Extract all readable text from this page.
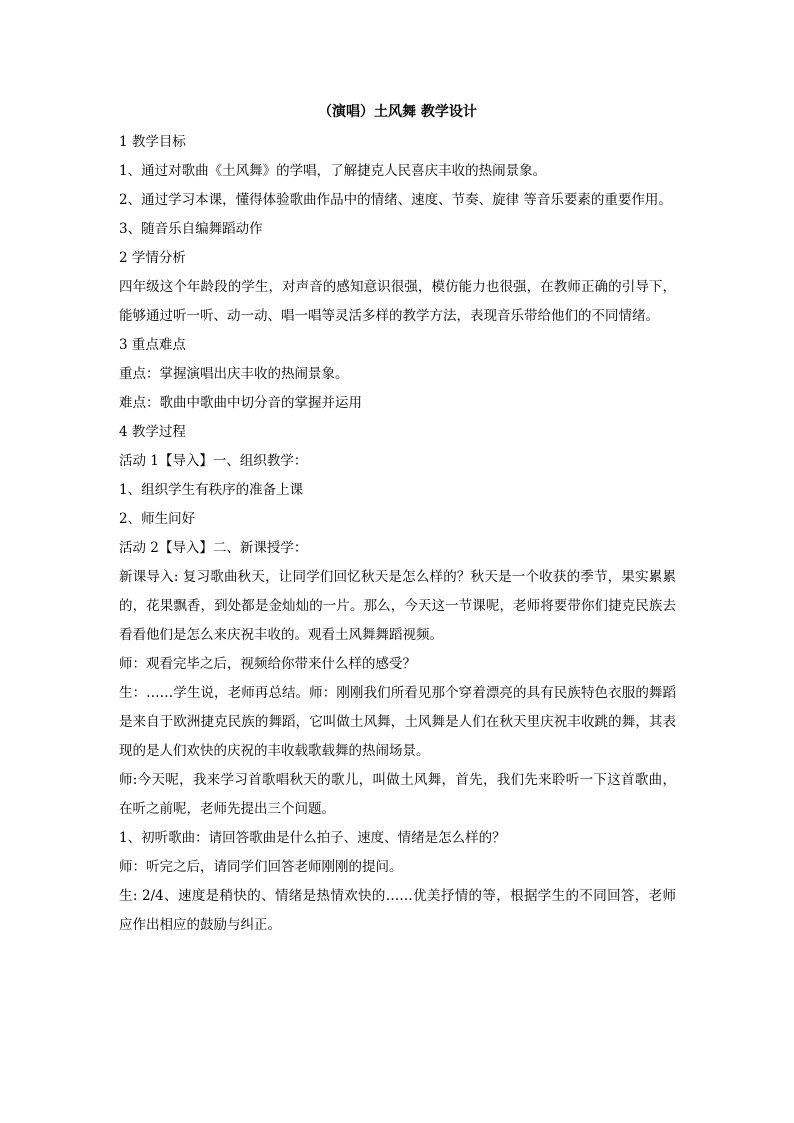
（演唱）土风舞 教学设计

1 教学目标

1、通过对歌曲《土风舞》的学唱，了解捷克人民喜庆丰收的热闹景象。

2、通过学习本课，懂得体验歌曲作品中的情绪、速度、节奏、旋律 等音乐要素的重要作用。

3、随音乐自编舞蹈动作

2 学情分析

四年级这个年龄段的学生，对声音的感知意识很强，模仿能力也很强，在教师正确的引导下，能够通过听一听、动一动、唱一唱等灵活多样的教学方法，表现音乐带给他们的不同情绪。

3 重点难点

重点：掌握演唱出庆丰收的热闹景象。

难点：歌曲中歌曲中切分音的掌握并运用

4 教学过程

活动 1【导入】一、组织教学：

1、组织学生有秩序的准备上课

2、师生问好

活动 2【导入】二、新课授学：

新课导入: 复习歌曲秋天，让同学们回忆秋天是怎么样的？秋天是一个收获的季节，果实累累的，花果飘香，到处都是金灿灿的一片。那么，今天这一节课呢，老师将要带你们捷克民族去看看他们是怎么来庆祝丰收的。观看土风舞舞蹈视频。

师：观看完毕之后，视频给你带来什么样的感受？

生：……学生说，老师再总结。师：刚刚我们所看见那个穿着漂亮的具有民族特色衣服的舞蹈是来自于欧洲捷克民族的舞蹈，它叫做土风舞，土风舞是人们在秋天里庆祝丰收跳的舞，其表现的是人们欢快的庆祝的丰收载歌载舞的热闹场景。

师:今天呢，我来学习首歌唱秋天的歌儿，叫做土风舞，首先，我们先来聆听一下这首歌曲，在听之前呢，老师先提出三个问题。

1、初听歌曲：请回答歌曲是什么拍子、速度、情绪是怎么样的？

师：听完之后，请同学们回答老师刚刚的提问。

生: 2/4、速度是稍快的、情绪是热情欢快的……优美抒情的等，根据学生的不同回答，老师应作出相应的鼓励与纠正。
